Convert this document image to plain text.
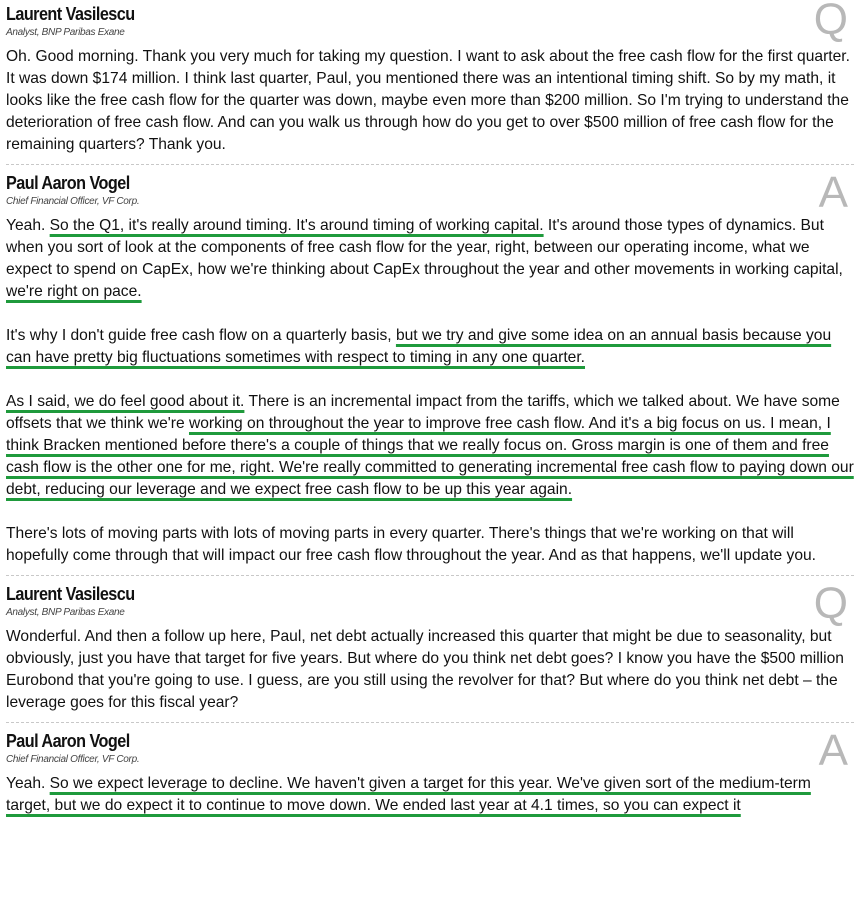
Q
Laurent Vasilescu
Analyst, BNP Paribas Exane

Oh. Good morning. Thank you very much for taking my question. I want to ask about the free cash flow for the first quarter. It was down $174 million. I think last quarter, Paul, you mentioned there was an intentional timing shift. So by my math, it looks like the free cash flow for the quarter was down, maybe even more than $200 million. So I'm trying to understand the deterioration of free cash flow. And can you walk us through how do you get to over $500 million of free cash flow for the remaining quarters? Thank you.

A
Paul Aaron Vogel
Chief Financial Officer, VF Corp.

Yeah. So the Q1, it's really around timing. It's around timing of working capital. It's around those types of dynamics. But when you sort of look at the components of free cash flow for the year, right, between our operating income, what we expect to spend on CapEx, how we're thinking about CapEx throughout the year and other movements in working capital, we're right on pace.

It's why I don't guide free cash flow on a quarterly basis, but we try and give some idea on an annual basis because you can have pretty big fluctuations sometimes with respect to timing in any one quarter.

As I said, we do feel good about it. There is an incremental impact from the tariffs, which we talked about. We have some offsets that we think we're working on throughout the year to improve free cash flow. And it's a big focus on us. I mean, I think Bracken mentioned before there's a couple of things that we really focus on. Gross margin is one of them and free cash flow is the other one for me, right. We're really committed to generating incremental free cash flow to paying down our debt, reducing our leverage and we expect free cash flow to be up this year again.

There's lots of moving parts with lots of moving parts in every quarter. There's things that we're working on that will hopefully come through that will impact our free cash flow throughout the year. And as that happens, we'll update you.

Q
Laurent Vasilescu
Analyst, BNP Paribas Exane

Wonderful. And then a follow up here, Paul, net debt actually increased this quarter that might be due to seasonality, but obviously, just you have that target for five years. But where do you think net debt goes? I know you have the $500 million Eurobond that you're going to use. I guess, are you still using the revolver for that? But where do you think net debt – the leverage goes for this fiscal year?

A
Paul Aaron Vogel
Chief Financial Officer, VF Corp.

Yeah. So we expect leverage to decline. We haven't given a target for this year. We've given sort of the medium-term target, but we do expect it to continue to move down. We ended last year at 4.1 times, so you can expect it
